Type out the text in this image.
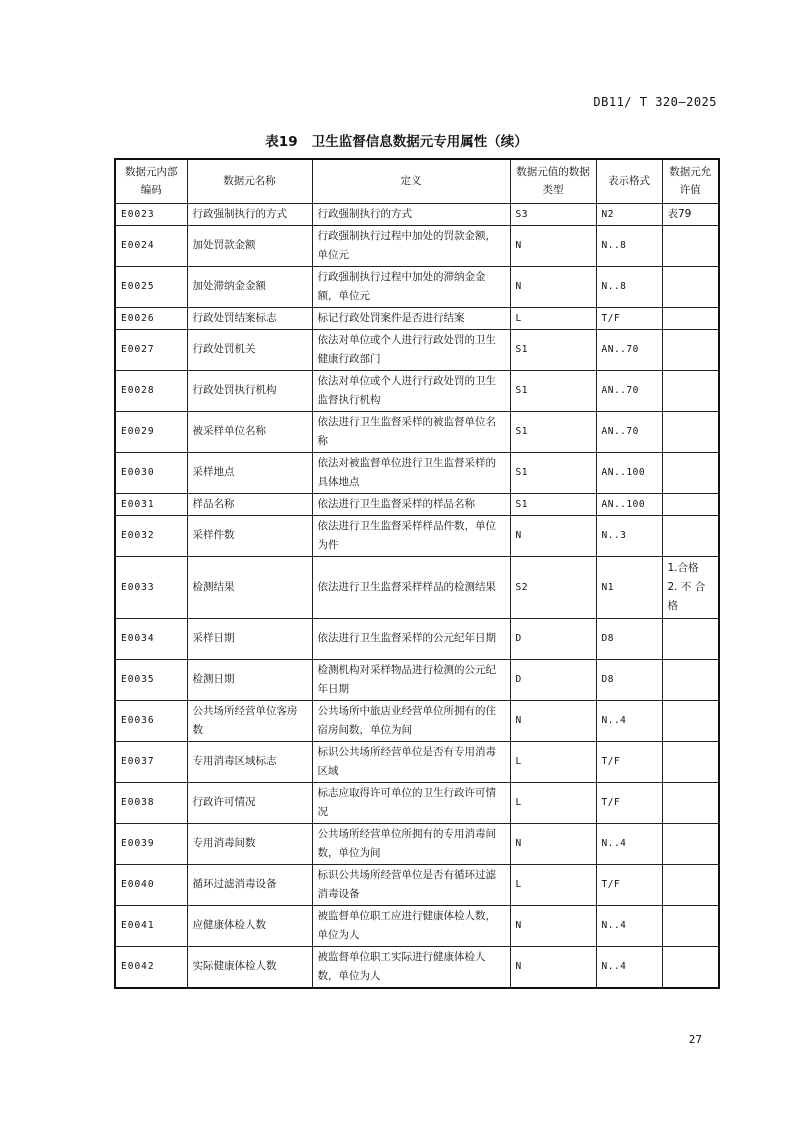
DB11/ T 320—2025
表19 卫生监督信息数据元专用属性（续）
数据元内部编码	数据元名称	定义	数据元值的数据类型	表示格式	数据元允许值
E0023	行政强制执行的方式	行政强制执行的方式	S3	N2	表79
E0024	加处罚款金额	行政强制执行过程中加处的罚款金额，单位元	N	N..8	
E0025	加处滞纳金金额	行政强制执行过程中加处的滞纳金金额，单位元	N	N..8	
E0026	行政处罚结案标志	标记行政处罚案件是否进行结案	L	T/F	
E0027	行政处罚机关	依法对单位或个人进行行政处罚的卫生健康行政部门	S1	AN..70	
E0028	行政处罚执行机构	依法对单位或个人进行行政处罚的卫生监督执行机构	S1	AN..70	
E0029	被采样单位名称	依法进行卫生监督采样的被监督单位名称	S1	AN..70	
E0030	采样地点	依法对被监督单位进行卫生监督采样的具体地点	S1	AN..100	
E0031	样品名称	依法进行卫生监督采样的样品名称	S1	AN..100	
E0032	采样件数	依法进行卫生监督采样样品件数，单位为件	N	N..3	
E0033	检测结果	依法进行卫生监督采样样品的检测结果	S2	N1	1.合格
2. 不 合格
E0034	采样日期	依法进行卫生监督采样的公元纪年日期	D	D8	
E0035	检测日期	检测机构对采样物品进行检测的公元纪年日期	D	D8	
E0036	公共场所经营单位客房数	公共场所中旅店业经营单位所拥有的住宿房间数，单位为间	N	N..4	
E0037	专用消毒区域标志	标识公共场所经营单位是否有专用消毒区域	L	T/F	
E0038	行政许可情况	标志应取得许可单位的卫生行政许可情况	L	T/F	
E0039	专用消毒间数	公共场所经营单位所拥有的专用消毒间数，单位为间	N	N..4	
E0040	循环过滤消毒设备	标识公共场所经营单位是否有循环过滤消毒设备	L	T/F	
E0041	应健康体检人数	被监督单位职工应进行健康体检人数，单位为人	N	N..4	
E0042	实际健康体检人数	被监督单位职工实际进行健康体检人数，单位为人	N	N..4	
27
